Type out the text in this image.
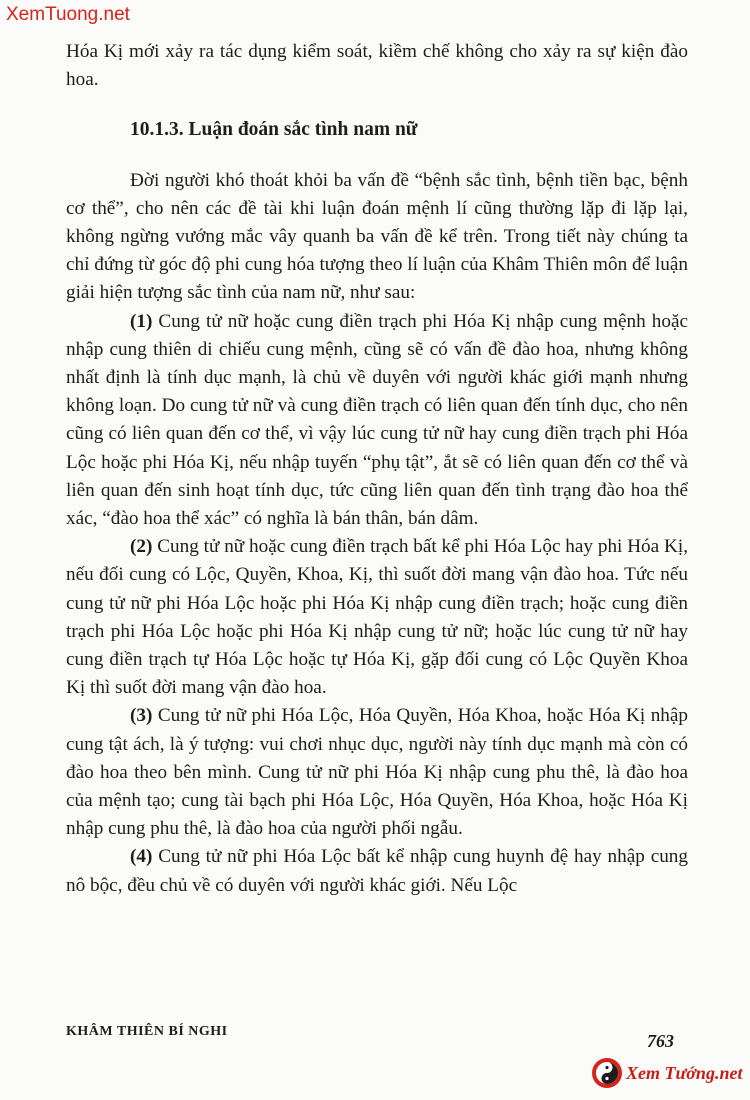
XemTuong.net

Hóa Kị mới xảy ra tác dụng kiểm soát, kiềm chế không cho xảy ra sự kiện đào hoa.

10.1.3. Luận đoán sắc tình nam nữ

Đời người khó thoát khỏi ba vấn đề “bệnh sắc tình, bệnh tiền bạc, bệnh cơ thể”, cho nên các đề tài khi luận đoán mệnh lí cũng thường lặp đi lặp lại, không ngừng vướng mắc vây quanh ba vấn đề kể trên. Trong tiết này chúng ta chỉ đứng từ góc độ phi cung hóa tượng theo lí luận của Khâm Thiên môn để luận giải hiện tượng sắc tình của nam nữ, như sau:

(1) Cung tử nữ hoặc cung điền trạch phi Hóa Kị nhập cung mệnh hoặc nhập cung thiên di chiếu cung mệnh, cũng sẽ có vấn đề đào hoa, nhưng không nhất định là tính dục mạnh, là chủ về duyên với người khác giới mạnh nhưng không loạn. Do cung tử nữ và cung điền trạch có liên quan đến tính dục, cho nên cũng có liên quan đến cơ thể, vì vậy lúc cung tử nữ hay cung điền trạch phi Hóa Lộc hoặc phi Hóa Kị, nếu nhập tuyến “phụ tật”, ắt sẽ có liên quan đến cơ thể và liên quan đến sinh hoạt tính dục, tức cũng liên quan đến tình trạng đào hoa thể xác, “đào hoa thể xác” có nghĩa là bán thân, bán dâm.

(2) Cung tử nữ hoặc cung điền trạch bất kể phi Hóa Lộc hay phi Hóa Kị, nếu đối cung có Lộc, Quyền, Khoa, Kị, thì suốt đời mang vận đào hoa. Tức nếu cung tử nữ phi Hóa Lộc hoặc phi Hóa Kị nhập cung điền trạch; hoặc cung điền trạch phi Hóa Lộc hoặc phi Hóa Kị nhập cung tử nữ; hoặc lúc cung tử nữ hay cung điền trạch tự Hóa Lộc hoặc tự Hóa Kị, gặp đối cung có Lộc Quyền Khoa Kị thì suốt đời mang vận đào hoa.

(3) Cung tử nữ phi Hóa Lộc, Hóa Quyền, Hóa Khoa, hoặc Hóa Kị nhập cung tật ách, là ý tượng: vui chơi nhục dục, người này tính dục mạnh mà còn có đào hoa theo bên mình. Cung tử nữ phi Hóa Kị nhập cung phu thê, là đào hoa của mệnh tạo; cung tài bạch phi Hóa Lộc, Hóa Quyền, Hóa Khoa, hoặc Hóa Kị nhập cung phu thê, là đào hoa của người phối ngẫu.

(4) Cung tử nữ phi Hóa Lộc bất kể nhập cung huynh đệ hay nhập cung nô bộc, đều chủ về có duyên với người khác giới. Nếu Lộc

KHÂM THIÊN BÍ NGHI	763
Xem Tướng.net
